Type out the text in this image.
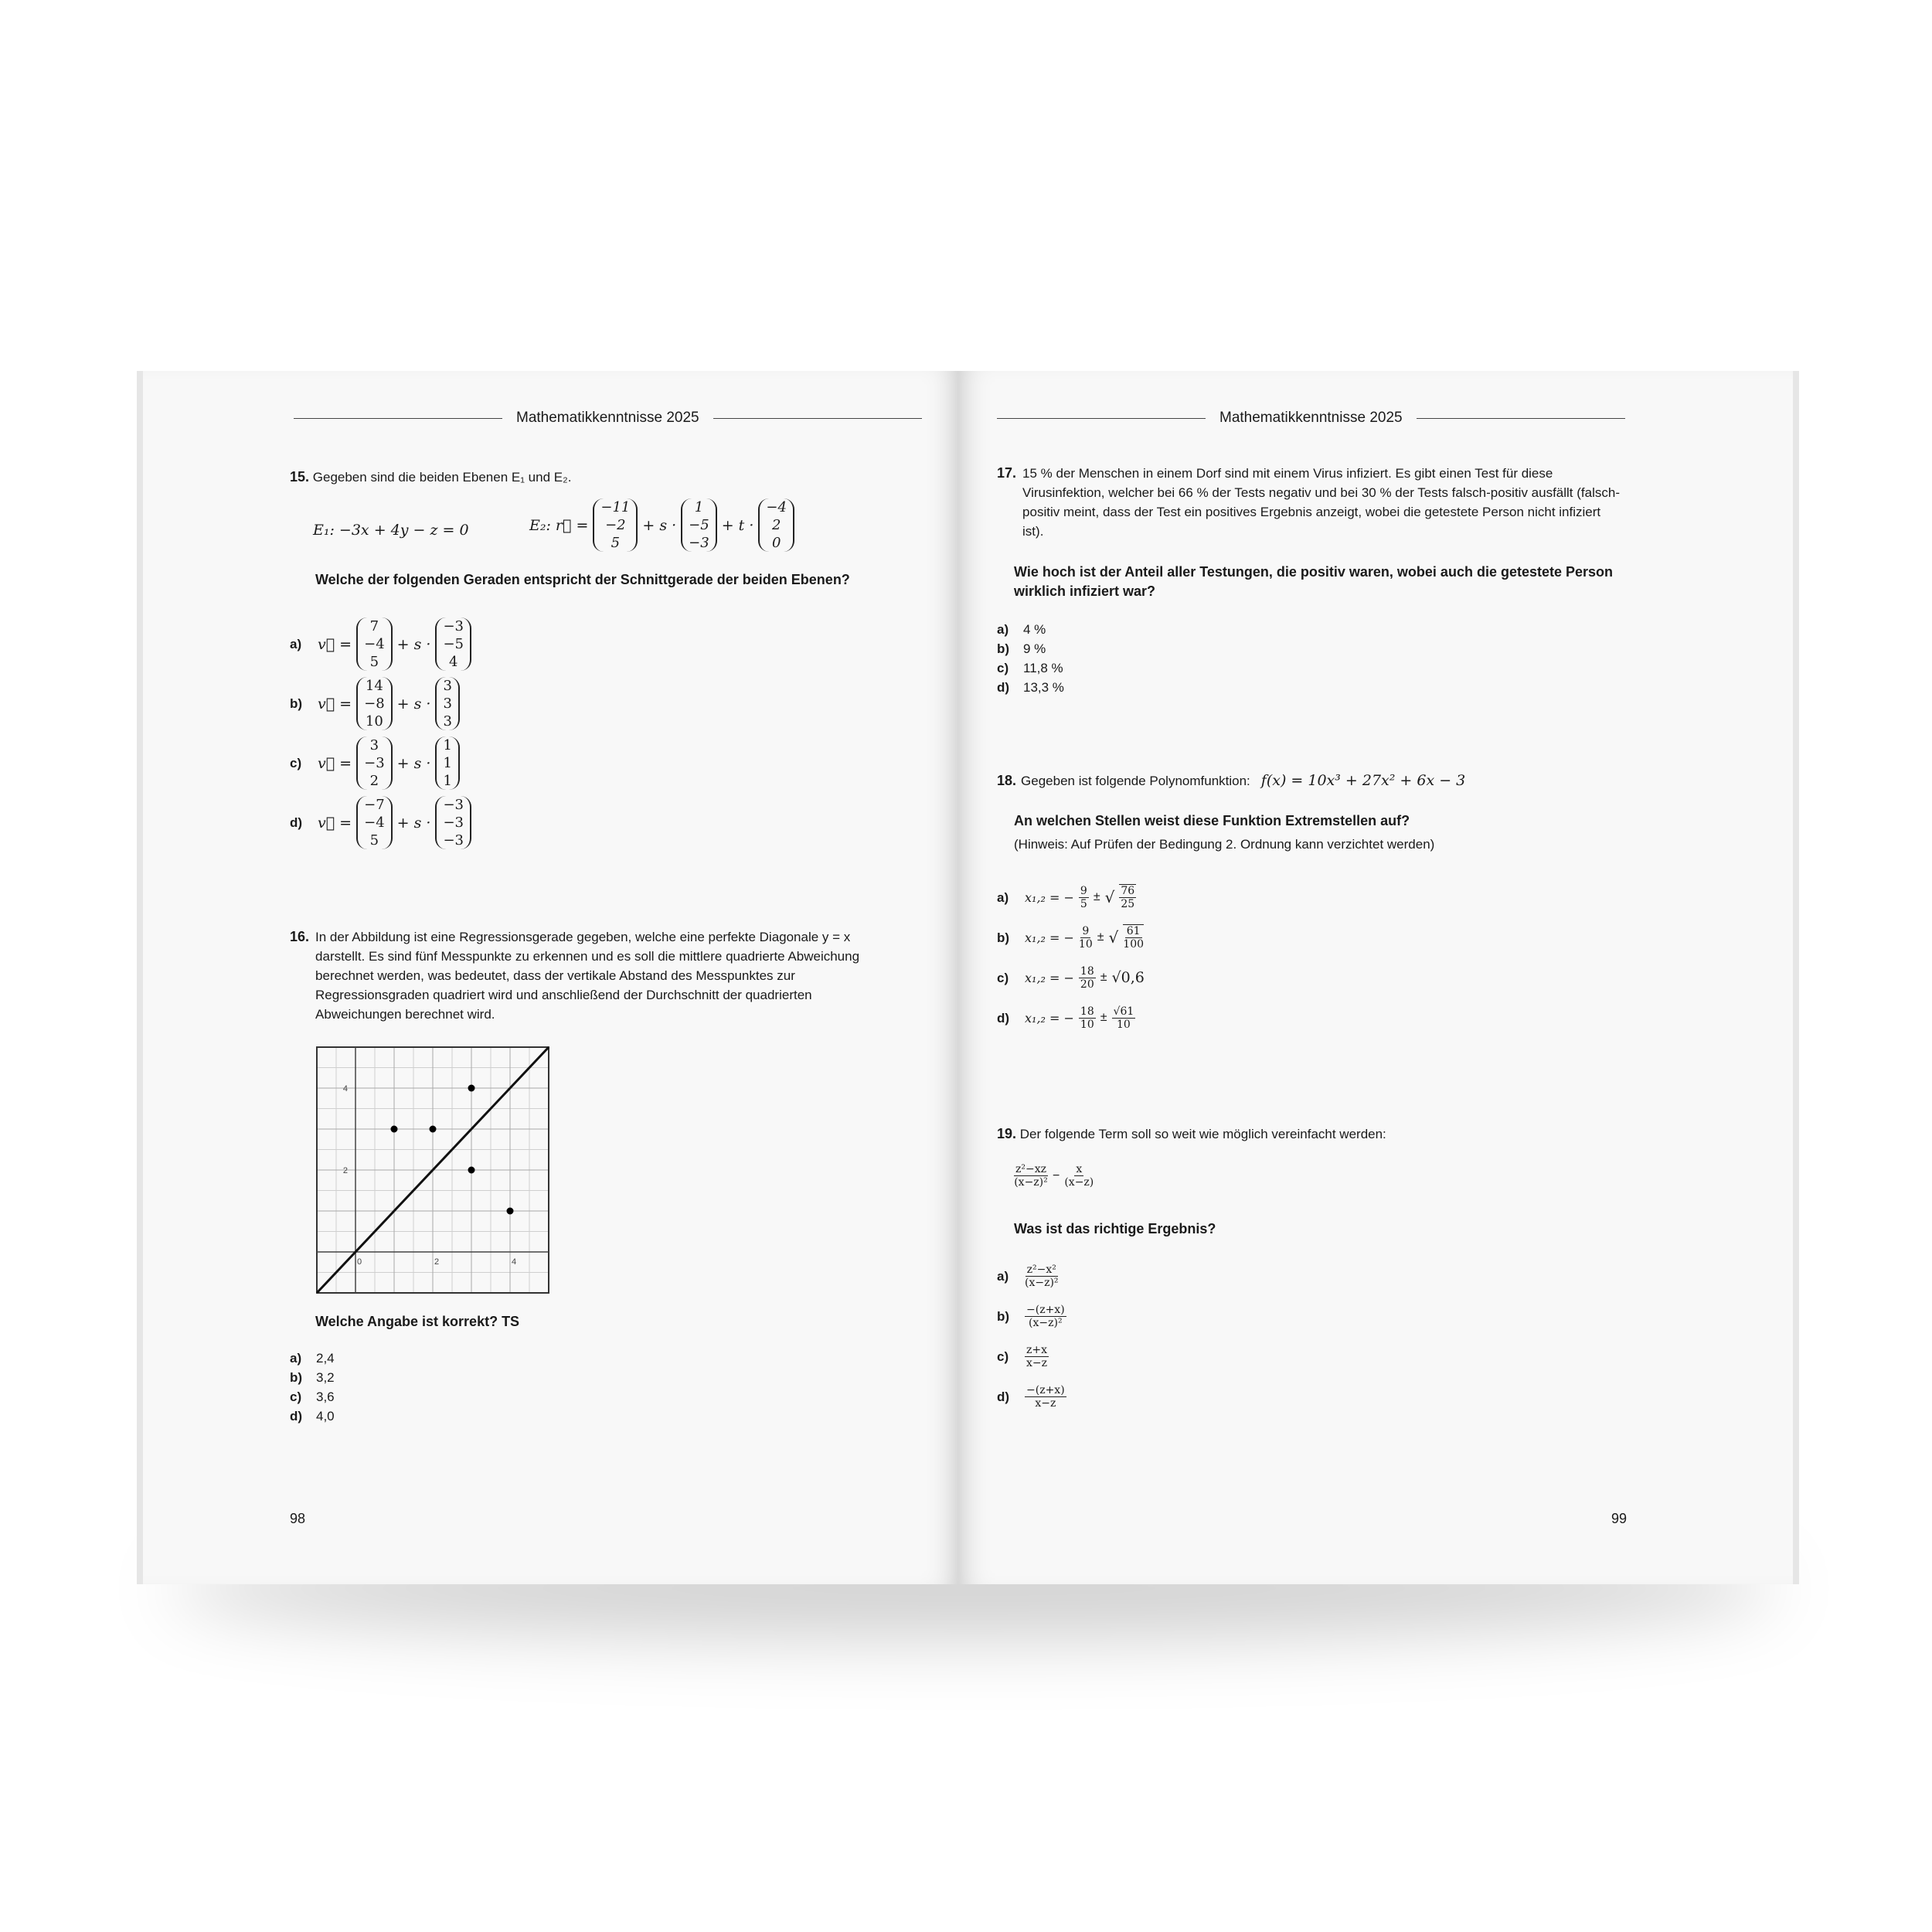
Mathematikkenntnisse 2025	Mathematikkenntnisse 2025
15. Gegeben sind die beiden Ebenen E₁ und E₂.
E₁: −3x + 4y − z = 0	E₂: r⃗ =
−11
−2
5
+ s ·
1
−5
−3
+ t ·
−4
2
0
Welche der folgenden Geraden entspricht der Schnittgerade der beiden Ebenen?
a)	v⃗ =
7
−4
5
+ s ·
−3
−5
4
b)	v⃗ =
14
−8
10
+ s ·
3
3
3
c)	v⃗ =
3
−3
2
+ s ·
1
1
1
d)	v⃗ =
−7
−4
5
+ s ·
−3
−3
−3
16. In der Abbildung ist eine Regressionsgerade gegeben, welche eine perfekte Diagonale y = x darstellt. Es sind fünf Messpunkte zu erkennen und es soll die mittlere quadrierte Abweichung berechnet werden, was bedeutet, dass der vertikale Abstand des Messpunktes zur Regressionsgraden quadriert wird und anschließend der Durchschnitt der quadrierten Abweichungen berechnet wird.
0	2	4
2
4
Welche Angabe ist korrekt? TS
a) 2,4
b) 3,2
c) 3,6
d) 4,0
98
17. 15 % der Menschen in einem Dorf sind mit einem Virus infiziert. Es gibt einen Test für diese Virusinfektion, welcher bei 66 % der Tests negativ und bei 30 % der Tests falsch-positiv ausfällt (falsch-positiv meint, dass der Test ein positives Ergebnis anzeigt, wobei die getestete Person nicht infiziert ist).
Wie hoch ist der Anteil aller Testungen, die positiv waren, wobei auch die getestete Person wirklich infiziert war?
a) 4 %
b) 9 %
c) 11,8 %
d) 13,3 %
18. Gegeben ist folgende Polynomfunktion: f(x) = 10x³ + 27x² + 6x − 3
An welchen Stellen weist diese Funktion Extremstellen auf?
(Hinweis: Auf Prüfen der Bedingung 2. Ordnung kann verzichtet werden)
a)	x₁,₂ = − $\frac{9}{5}$ ± √ $\frac{76}{25}$
b)	x₁,₂ = − $\frac{9}{10}$ ± √ $\frac{61}{100}$
c)	x₁,₂ = − $\frac{18}{20} \pm √0,6$
d)	x₁,₂ = − $\frac{18}{10} \pm \frac{√61}{10}$
19. Der folgende Term soll so weit wie möglich vereinfacht werden:
$\frac{\text{z²−xz}}{\text{(x−z)²}} - \frac{x}{(x-z)}$
Was ist das richtige Ergebnis?
a)	$\frac{\text{z²−x²}}{\text{(x−z)²}}$
b)	$\frac{-(z+x)}{\text{(x−z)²}}$
c)	$\frac{z+x}{x-z}$
d)	$\frac{-(z+x)}{x-z}$
99
